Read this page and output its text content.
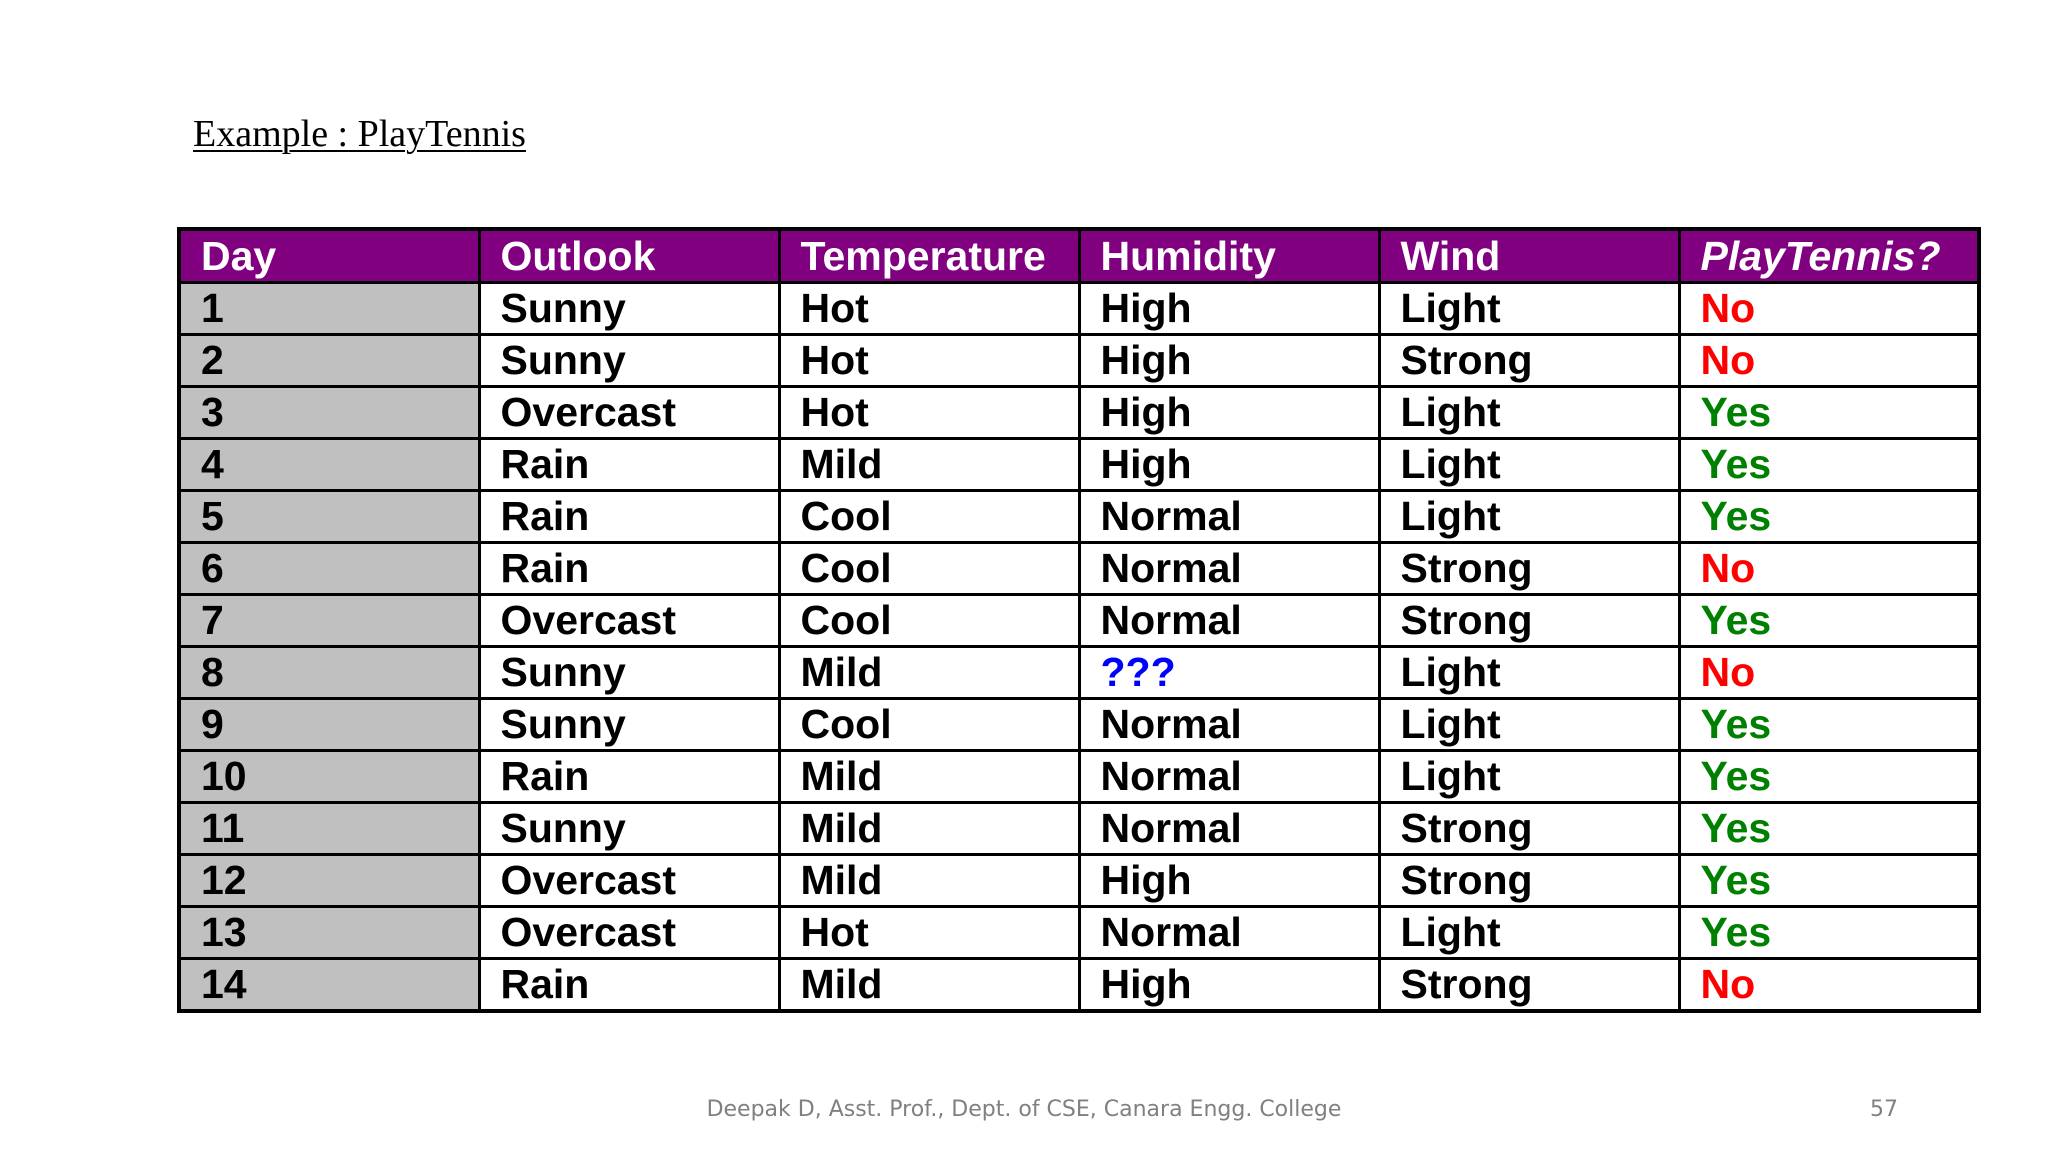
Example : PlayTennis
Day	Outlook	Temperature	Humidity	Wind	PlayTennis?
1	Sunny	Hot	High	Light	No
2	Sunny	Hot	High	Strong	No
3	Overcast	Hot	High	Light	Yes
4	Rain	Mild	High	Light	Yes
5	Rain	Cool	Normal	Light	Yes
6	Rain	Cool	Normal	Strong	No
7	Overcast	Cool	Normal	Strong	Yes
8	Sunny	Mild	???	Light	No
9	Sunny	Cool	Normal	Light	Yes
10	Rain	Mild	Normal	Light	Yes
11	Sunny	Mild	Normal	Strong	Yes
12	Overcast	Mild	High	Strong	Yes
13	Overcast	Hot	Normal	Light	Yes
14	Rain	Mild	High	Strong	No
Deepak D, Asst. Prof., Dept. of CSE, Canara Engg. College	57
